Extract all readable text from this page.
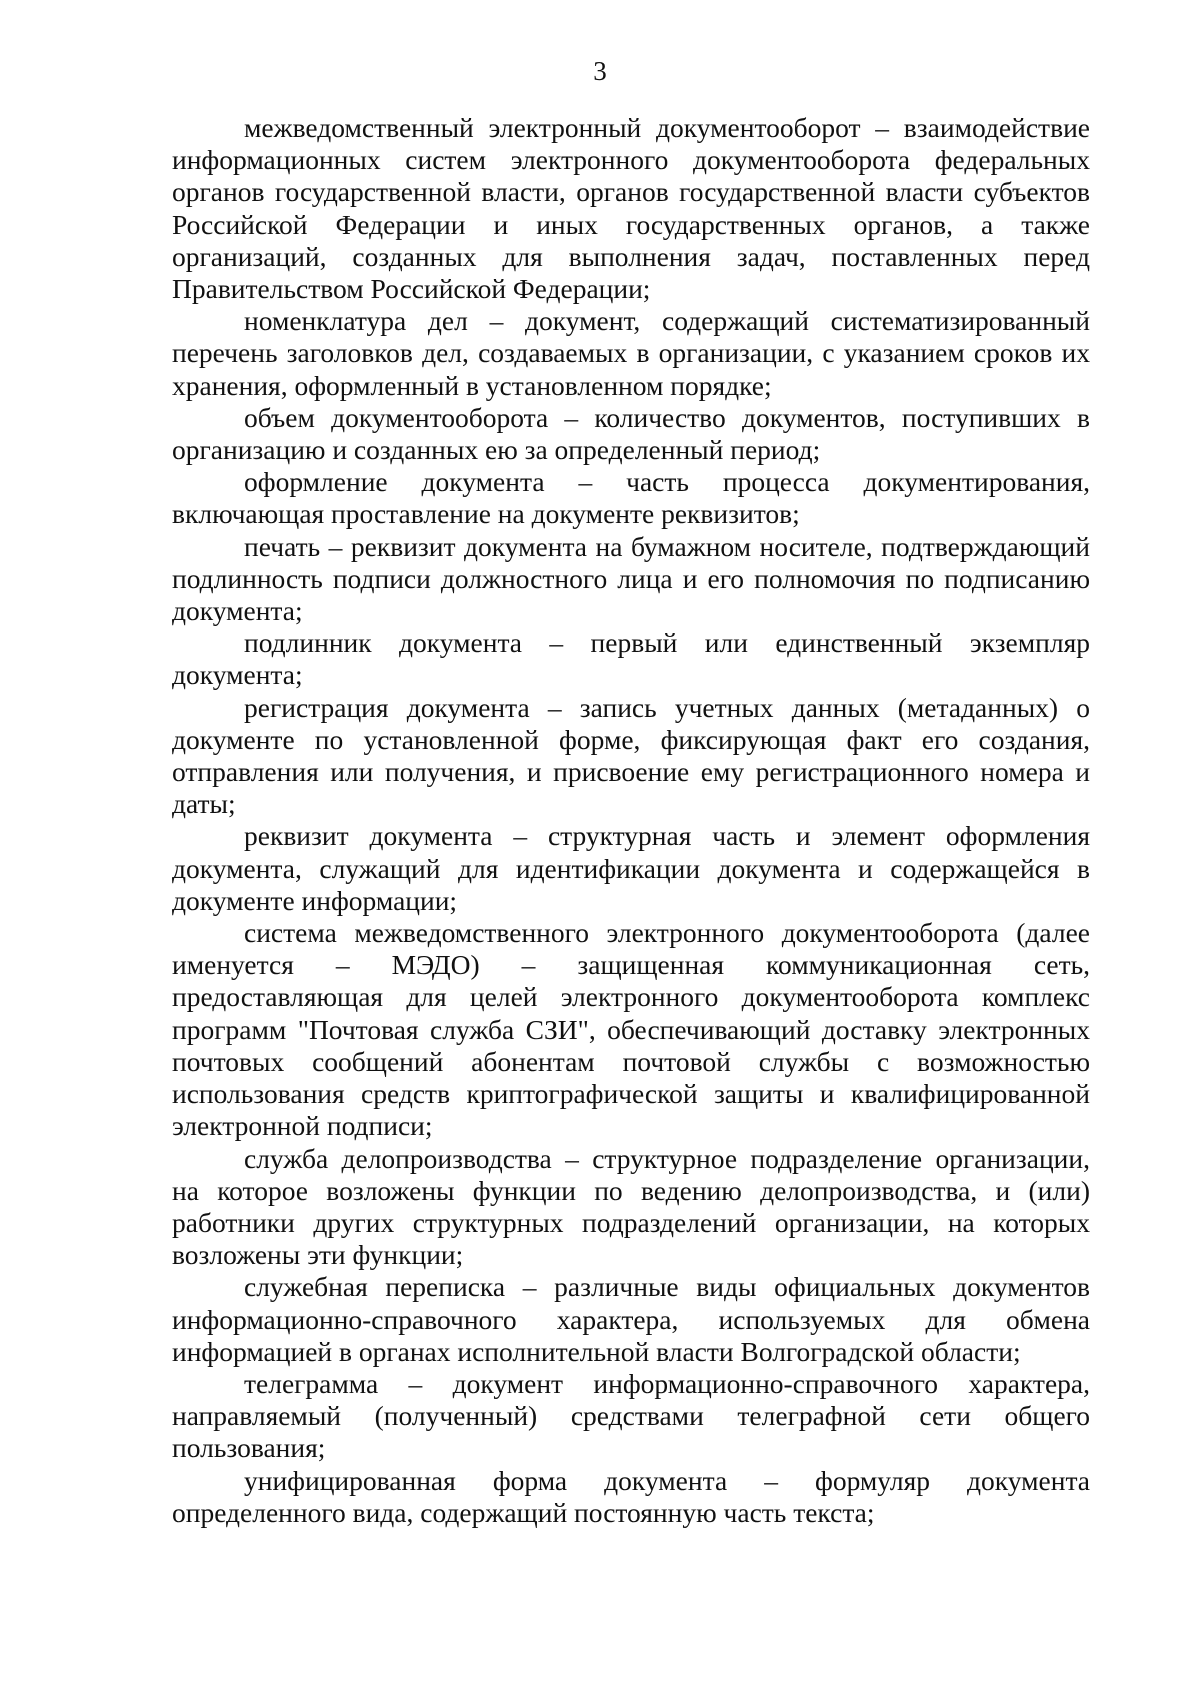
3

межведомственный электронный документооборот – взаимодействие информационных систем электронного документооборота федеральных органов государственной власти, органов государственной власти субъектов Российской Федерации и иных государственных органов, а также организаций, созданных для выполнения задач, поставленных перед Правительством Российской Федерации;

номенклатура дел – документ, содержащий систематизированный перечень заголовков дел, создаваемых в организации, с указанием сроков их хранения, оформленный в установленном порядке;

объем документооборота – количество документов, поступивших в организацию и созданных ею за определенный период;

оформление документа – часть процесса документирования, включающая проставление на документе реквизитов;

печать – реквизит документа на бумажном носителе, подтверждающий подлинность подписи должностного лица и его полномочия по подписанию документа;

подлинник документа – первый или единственный экземпляр документа;

регистрация документа – запись учетных данных (метаданных) о документе по установленной форме, фиксирующая факт его создания, отправления или получения, и присвоение ему регистрационного номера и даты;

реквизит документа – структурная часть и элемент оформления документа, служащий для идентификации документа и содержащейся в документе информации;

система межведомственного электронного документооборота (далее именуется – МЭДО) – защищенная коммуникационная сеть, предоставляющая для целей электронного документооборота комплекс программ "Почтовая служба СЗИ", обеспечивающий доставку электронных почтовых сообщений абонентам почтовой службы с возможностью использования средств криптографической защиты и квалифицированной электронной подписи;

служба делопроизводства – структурное подразделение организации, на которое возложены функции по ведению делопроизводства, и (или) работники других структурных подразделений организации, на которых возложены эти функции;

служебная переписка – различные виды официальных документов информационно-справочного характера, используемых для обмена информацией в органах исполнительной власти Волгоградской области;

телеграмма – документ информационно-справочного характера, направляемый (полученный) средствами телеграфной сети общего пользования;

унифицированная форма документа – формуляр документа определенного вида, содержащий постоянную часть текста;
